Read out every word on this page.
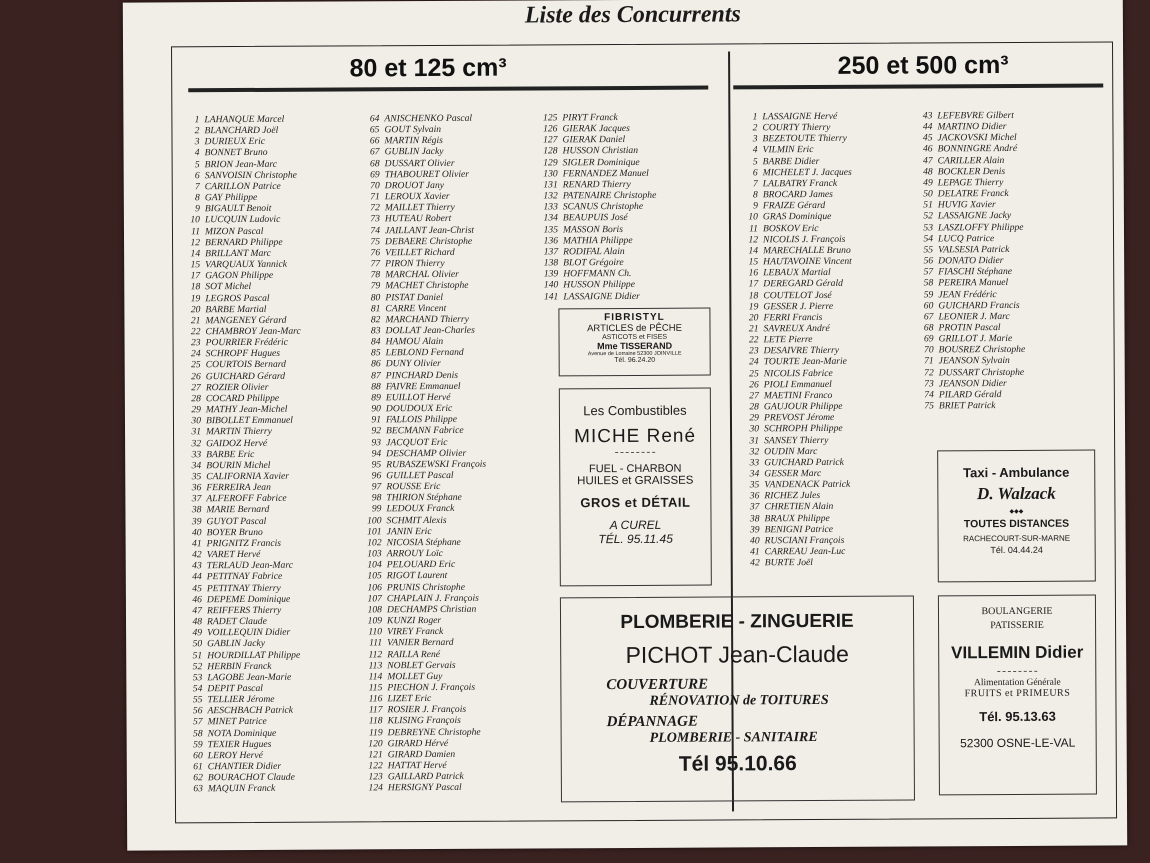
Liste des Concurrents
80 et 125 cm³	250 et 500 cm³
1 LAHANQUE Marcel
2 BLANCHARD Joël
3 DURIEUX Eric
4 BONNET Bruno
5 BRION Jean-Marc
6 SANVOISIN Christophe
7 CARILLON Patrice
8 GAY Philippe
9 BIGAULT Benoit
10 LUCQUIN Ludovic
11 MIZON Pascal
12 BERNARD Philippe
14 BRILLANT Marc
15 VARQUAUX Yannick
17 GAGON Philippe
18 SOT Michel
19 LEGROS Pascal
20 BARBE Martial
21 MANGENEY Gérard
22 CHAMBROY Jean-Marc
23 POURRIER Frédéric
24 SCHROPF Hugues
25 COURTOIS Bernard
26 GUICHARD Gérard
27 ROZIER Olivier
28 COCARD Philippe
29 MATHY Jean-Michel
30 BIBOLLET Emmanuel
31 MARTIN Thierry
32 GAIDOZ Hervé
33 BARBE Eric
34 BOURIN Michel
35 CALIFORNIA Xavier
36 FERREIRA Jean
37 ALFEROFF Fabrice
38 MARIE Bernard
39 GUYOT Pascal
40 BOYER Bruno
41 PRIGNITZ Francis
42 VARET Hervé
43 TERLAUD Jean-Marc
44 PETITNAY Fabrice
45 PETITNAY Thierry
46 DEPEME Dominique
47 REIFFERS Thierry
48 RADET Claude
49 VOILLEQUIN Didier
50 GABLIN Jacky
51 HOURDILLAT Philippe
52 HERBIN Franck
53 LAGOBE Jean-Marie
54 DEPIT Pascal
55 TELLIER Jérome
56 AESCHBACH Patrick
57 MINET Patrice
58 NOTA Dominique
59 TEXIER Hugues
60 LEROY Hervé
61 CHANTIER Didier
62 BOURACHOT Claude
63 MAQUIN Franck
64 ANISCHENKO Pascal
65 GOUT Sylvain
66 MARTIN Régis
67 GUBLIN Jacky
68 DUSSART Olivier
69 THABOURET Olivier
70 DROUOT Jany
71 LEROUX Xavier
72 MAILLET Thierry
73 HUTEAU Robert
74 JAILLANT Jean-Christ
75 DEBAERE Christophe
76 VEILLET Richard
77 PIRON Thierry
78 MARCHAL Olivier
79 MACHET Christophe
80 PISTAT Daniel
81 CARRE Vincent
82 MARCHAND Thierry
83 DOLLAT Jean-Charles
84 HAMOU Alain
85 LEBLOND Fernand
86 DUNY Olivier
87 PINCHARD Denis
88 FAIVRE Emmanuel
89 EUILLOT Hervé
90 DOUDOUX Eric
91 FALLOIS Philippe
92 BECMANN Fabrice
93 JACQUOT Eric
94 DESCHAMP Olivier
95 RUBASZEWSKI François
96 GUILLET Pascal
97 ROUSSE Eric
98 THIRION Stéphane
99 LEDOUX Franck
100 SCHMIT Alexis
101 JANIN Eric
102 NICOSIA Stéphane
103 ARROUY Loïc
104 PELOUARD Eric
105 RIGOT Laurent
106 PRUNIS Christophe
107 CHAPLAIN J. François
108 DECHAMPS Christian
109 KUNZI Roger
110 VIREY Franck
111 VANIER Bernard
112 RAILLA René
113 NOBLET Gervais
114 MOLLET Guy
115 PIECHON J. François
116 LIZET Eric
117 ROSIER J. François
118 KLISING François
119 DEBREYNE Christophe
120 GIRARD Hérvé
121 GIRARD Damien
122 HATTAT Hervé
123 GAILLARD Patrick
124 HERSIGNY Pascal
125 PIRYT Franck
126 GIERAK Jacques
127 GIERAK Daniel
128 HUSSON Christian
129 SIGLER Dominique
130 FERNANDEZ Manuel
131 RENARD Thierry
132 PATENAIRE Christophe
133 SCANUS Christophe
134 BEAUPUIS José
135 MASSON Boris
136 MATHIA Philippe
137 RODIFAL Alain
138 BLOT Grégoire
139 HOFFMANN Ch.
140 HUSSON Philippe
141 LASSAIGNE Didier
1 LASSAIGNE Hervé
2 COURTY Thierry
3 BEZETOUTE Thierry
4 VILMIN Eric
5 BARBE Didier
6 MICHELET J. Jacques
7 LALBATRY Franck
8 BROCARD James
9 FRAIZE Gérard
10 GRAS Dominique
11 BOSKOV Eric
12 NICOLIS J. François
14 MARECHALLE Bruno
15 HAUTAVOINE Vincent
16 LEBAUX Martial
17 DEREGARD Gérald
18 COUTELOT José
19 GESSER J. Pierre
20 FERRI Francis
21 SAVREUX André
22 LETE Pierre
23 DESAIVRE Thierry
24 TOURTE Jean-Marie
25 NICOLIS Fabrice
26 PIOLI Emmanuel
27 MAETINI Franco
28 GAUJOUR Philippe
29 PREVOST Jérome
30 SCHROPH Philippe
31 SANSEY Thierry
32 OUDIN Marc
33 GUICHARD Patrick
34 GESSER Marc
35 VANDENACK Patrick
36 RICHEZ Jules
37 CHRETIEN Alain
38 BRAUX Philippe
39 BENIGNI Patrice
40 RUSCIANI François
41 CARREAU Jean-Luc
42 BURTE Joël
43 LEFEBVRE Gilbert
44 MARTINO Didier
45 JACKOVSKI Michel
46 BONNINGRE André
47 CARILLER Alain
48 BOCKLER Denis
49 LEPAGE Thierry
50 DELATRE Franck
51 HUVIG Xavier
52 LASSAIGNE Jacky
53 LASZLOFFY Philippe
54 LUCQ Patrice
55 VALSESIA Patrick
56 DONATO Didier
57 FIASCHI Stéphane
58 PEREIRA Manuel
59 JEAN Frédéric
60 GUICHARD Francis
67 LEONIER J. Marc
68 PROTIN Pascal
69 GRILLOT J. Marie
70 BOUSREZ Christophe
71 JEANSON Sylvain
72 DUSSART Christophe
73 JEANSON Didier
74 PILARD Gérald
75 BRIET Patrick
FIBRISTYL
ARTICLES de PÊCHE
ASTICOTS et FISES
Mme TISSERAND
Avenue de Lorraine 52300 JOINVILLE
Tél. 96.24.20
Les Combustibles
MICHE René
FUEL - CHARBON
HUILES et GRAISSES
GROS et DÉTAIL
A CUREL
TÉL. 95.11.45
PLOMBERIE - ZINGUERIE
PICHOT Jean-Claude
COUVERTURE
RÉNOVATION de TOITURES
DÉPANNAGE
PLOMBERIE - SANITAIRE
Tél 95.10.66
Taxi - Ambulance
D. Walzack
◆◆◆
TOUTES DISTANCES
RACHECOURT-SUR-MARNE
Tél. 04.44.24
BOULANGERIE
PATISSERIE
VILLEMIN Didier
Alimentation Générale
FRUITS et PRIMEURS
Tél. 95.13.63
52300 OSNE-LE-VAL
